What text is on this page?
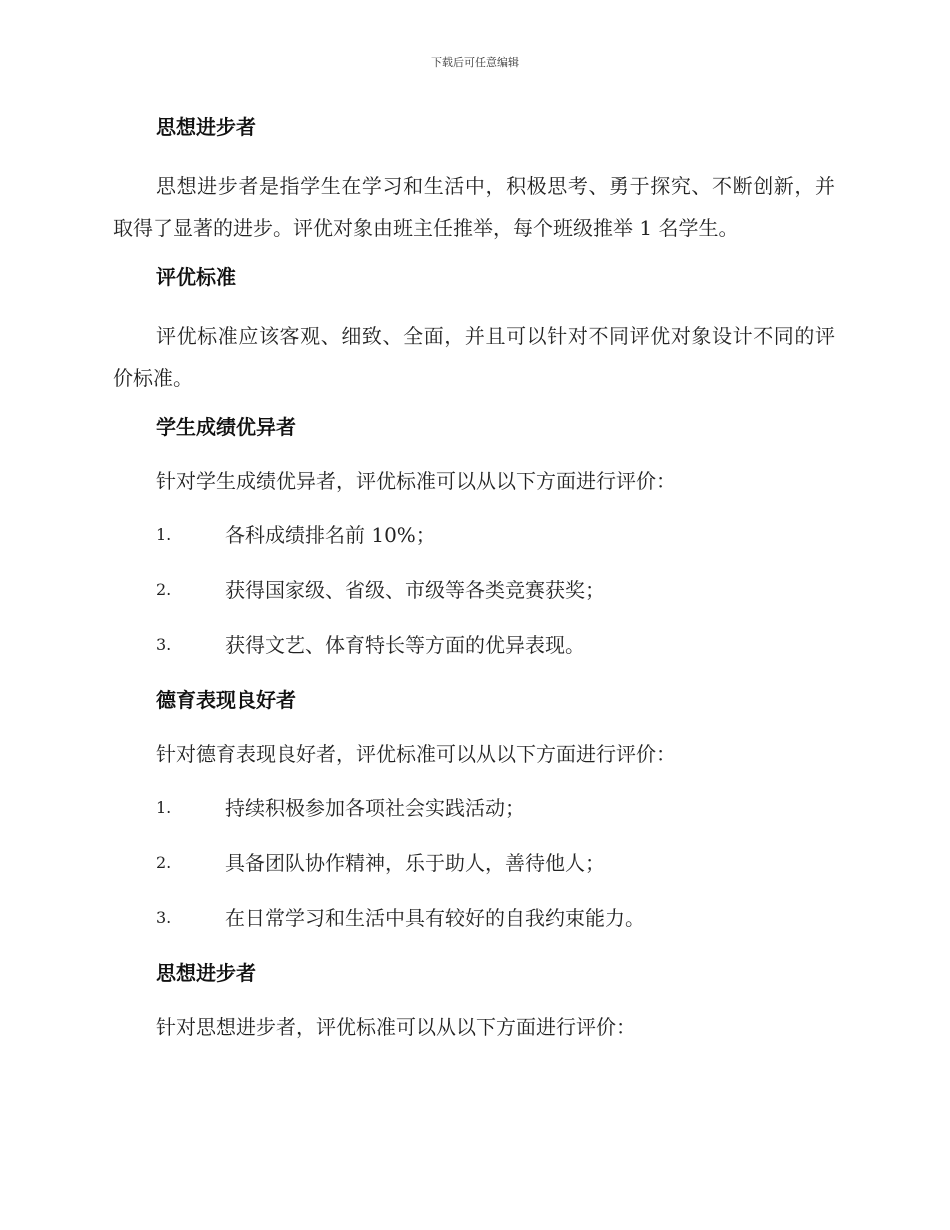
下载后可任意编辑
思想进步者

思想进步者是指学生在学习和生活中，积极思考、勇于探究、不断创新，并取得了显著的进步。评优对象由班主任推举，每个班级推举 1 名学生。

评优标准

评优标准应该客观、细致、全面，并且可以针对不同评优对象设计不同的评价标准。

学生成绩优异者
针对学生成绩优异者，评优标准可以从以下方面进行评价：
1.	各科成绩排名前 10%；
2.	获得国家级、省级、市级等各类竞赛获奖；
3.	获得文艺、体育特长等方面的优异表现。
德育表现良好者
针对德育表现良好者，评优标准可以从以下方面进行评价：
1.	持续积极参加各项社会实践活动；
2.	具备团队协作精神，乐于助人，善待他人；
3.	在日常学习和生活中具有较好的自我约束能力。
思想进步者
针对思想进步者，评优标准可以从以下方面进行评价：
